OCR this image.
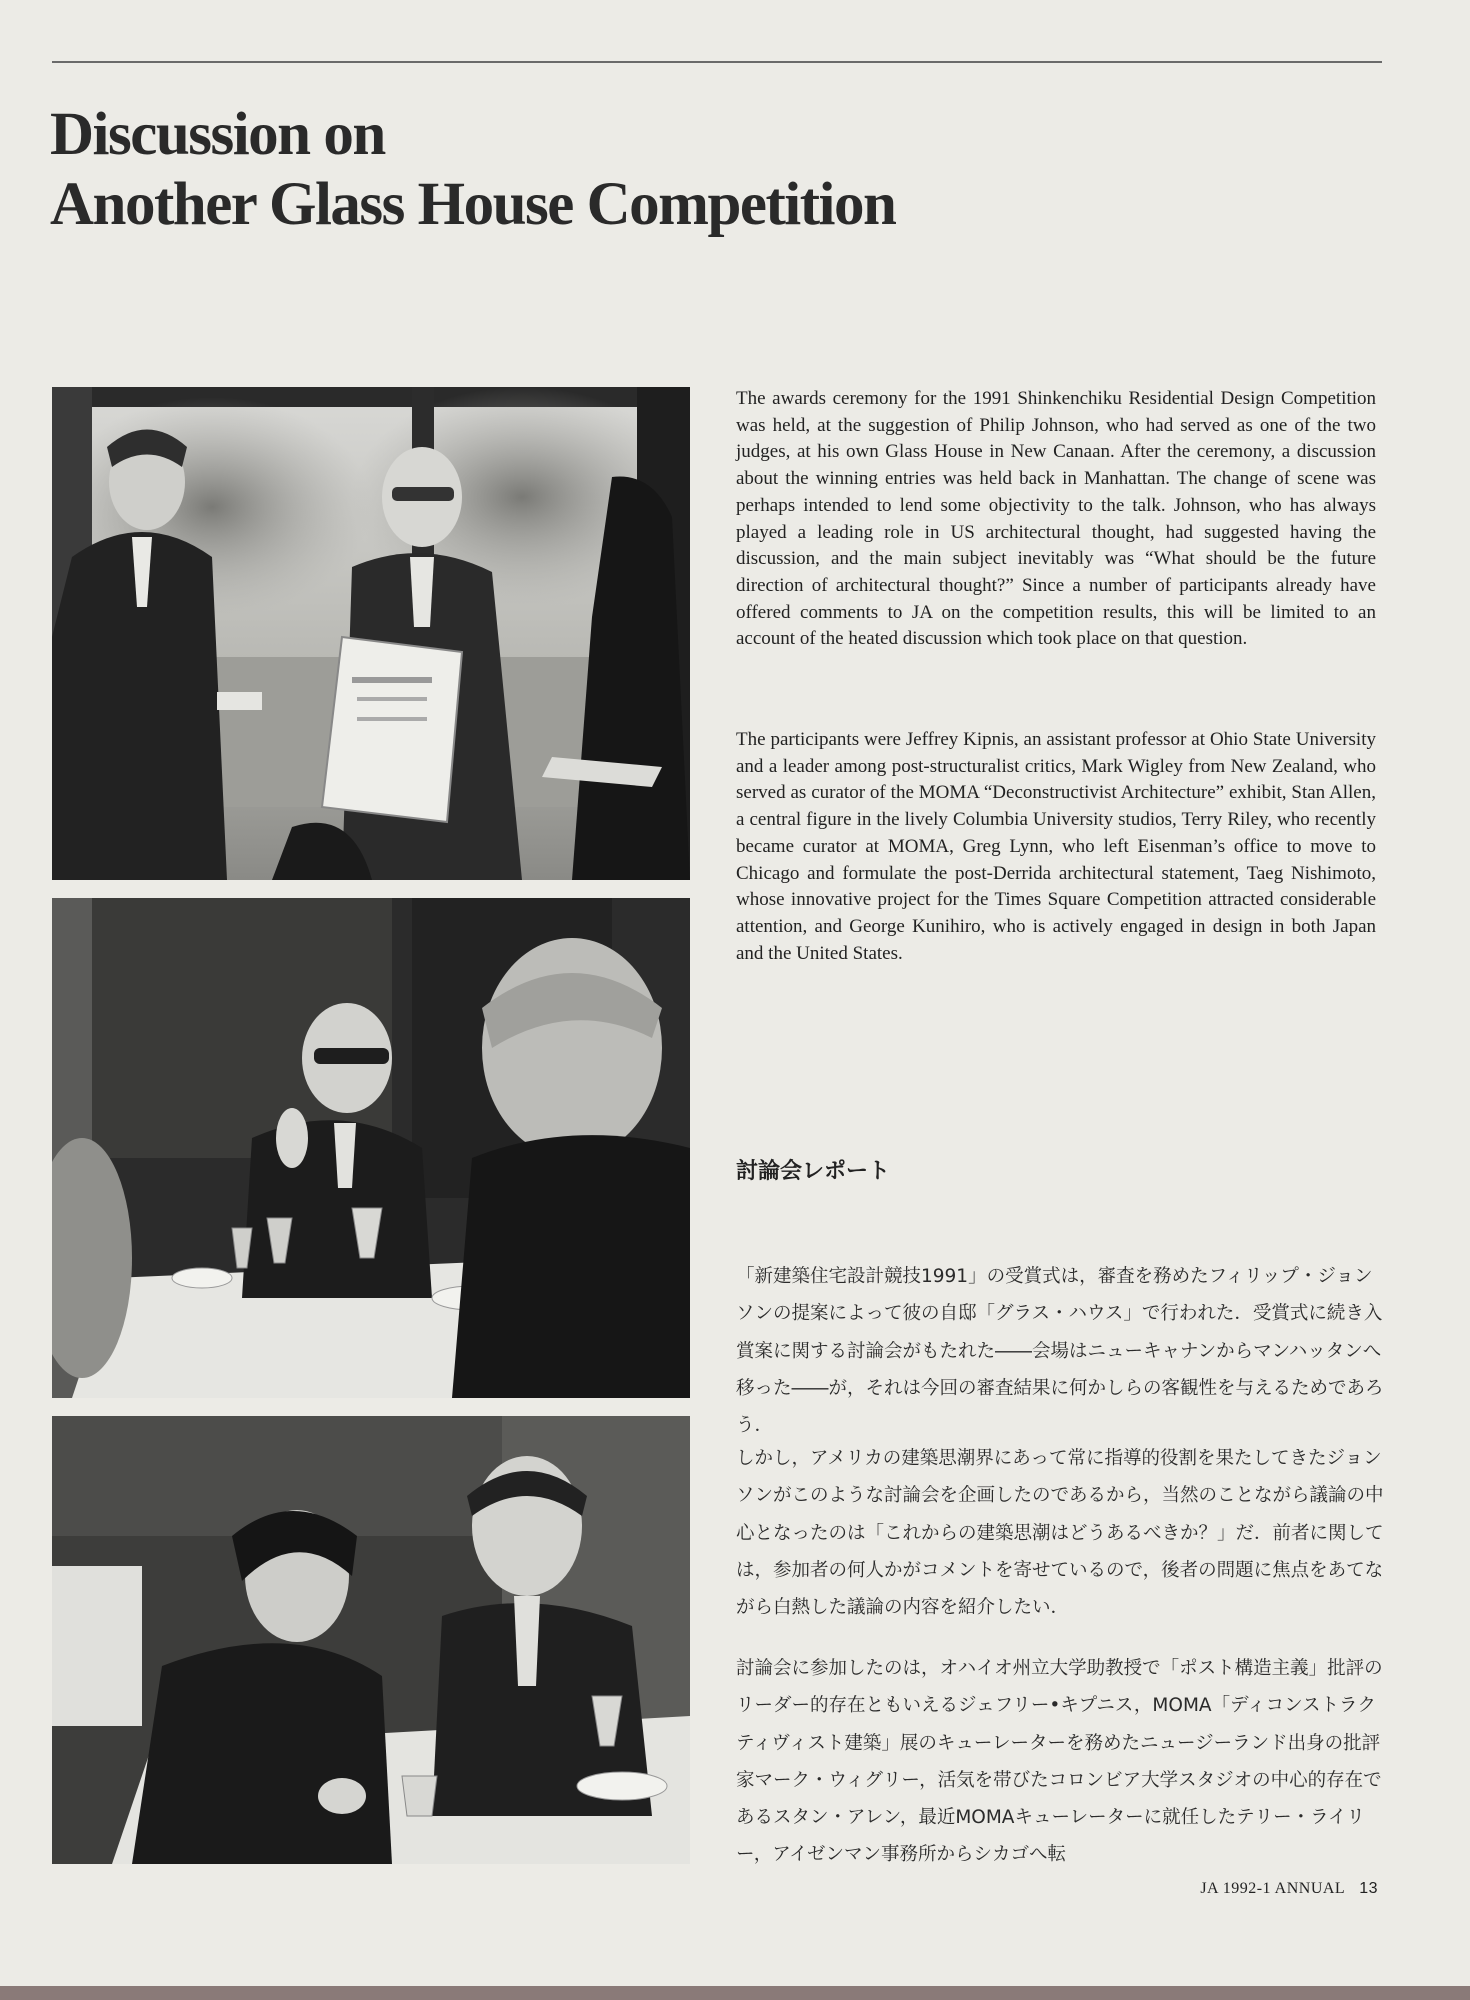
Discussion on
Another Glass House Competition

The awards ceremony for the 1991 Shinkenchiku Residential Design Competition was held, at the suggestion of Philip Johnson, who had served as one of the two judges, at his own Glass House in New Canaan. After the ceremony, a discussion about the winning entries was held back in Manhattan. The change of scene was perhaps intended to lend some objectivity to the talk. Johnson, who has always played a leading role in US architectural thought, had suggested having the discussion, and the main subject inevitably was “What should be the future direction of architectural thought?” Since a number of participants already have offered comments to JA on the competition results, this will be limited to an account of the heated discussion which took place on that question.

The participants were Jeffrey Kipnis, an assistant professor at Ohio State University and a leader among post-structuralist critics, Mark Wigley from New Zealand, who served as curator of the MOMA “Deconstructivist Architecture” exhibit, Stan Allen, a central figure in the lively Columbia University studios, Terry Riley, who recently became curator at MOMA, Greg Lynn, who left Eisenman’s office to move to Chicago and formulate the post-Derrida architectural statement, Taeg Nishimoto, whose innovative project for the Times Square Competition attracted considerable attention, and George Kunihiro, who is actively engaged in design in both Japan and the United States.

討論会レポート

「新建築住宅設計競技1991」の受賞式は，審査を務めたフィリップ・ジョンソンの提案によって彼の自邸「グラス・ハウス」で行われた．受賞式に続き入賞案に関する討論会がもたれた――会場はニューキャナンからマンハッタンへ移った――が，それは今回の審査結果に何かしらの客観性を与えるためであろう．

しかし，アメリカの建築思潮界にあって常に指導的役割を果たしてきたジョンソンがこのような討論会を企画したのであるから，当然のことながら議論の中心となったのは「これからの建築思潮はどうあるべきか？」だ．前者に関しては，参加者の何人かがコメントを寄せているので，後者の問題に焦点をあてながら白熱した議論の内容を紹介したい．

討論会に参加したのは，オハイオ州立大学助教授で「ポスト構造主義」批評のリーダー的存在ともいえるジェフリー•キプニス，MOMA「ディコンストラクティヴィスト建築」展のキューレーターを務めたニュージーランド出身の批評家マーク・ウィグリー，活気を帯びたコロンビア大学スタジオの中心的存在であるスタン・アレン，最近MOMAキューレーターに就任したテリー・ライリー，アイゼンマン事務所からシカゴへ転

JA 1992-1 ANNUAL 13
